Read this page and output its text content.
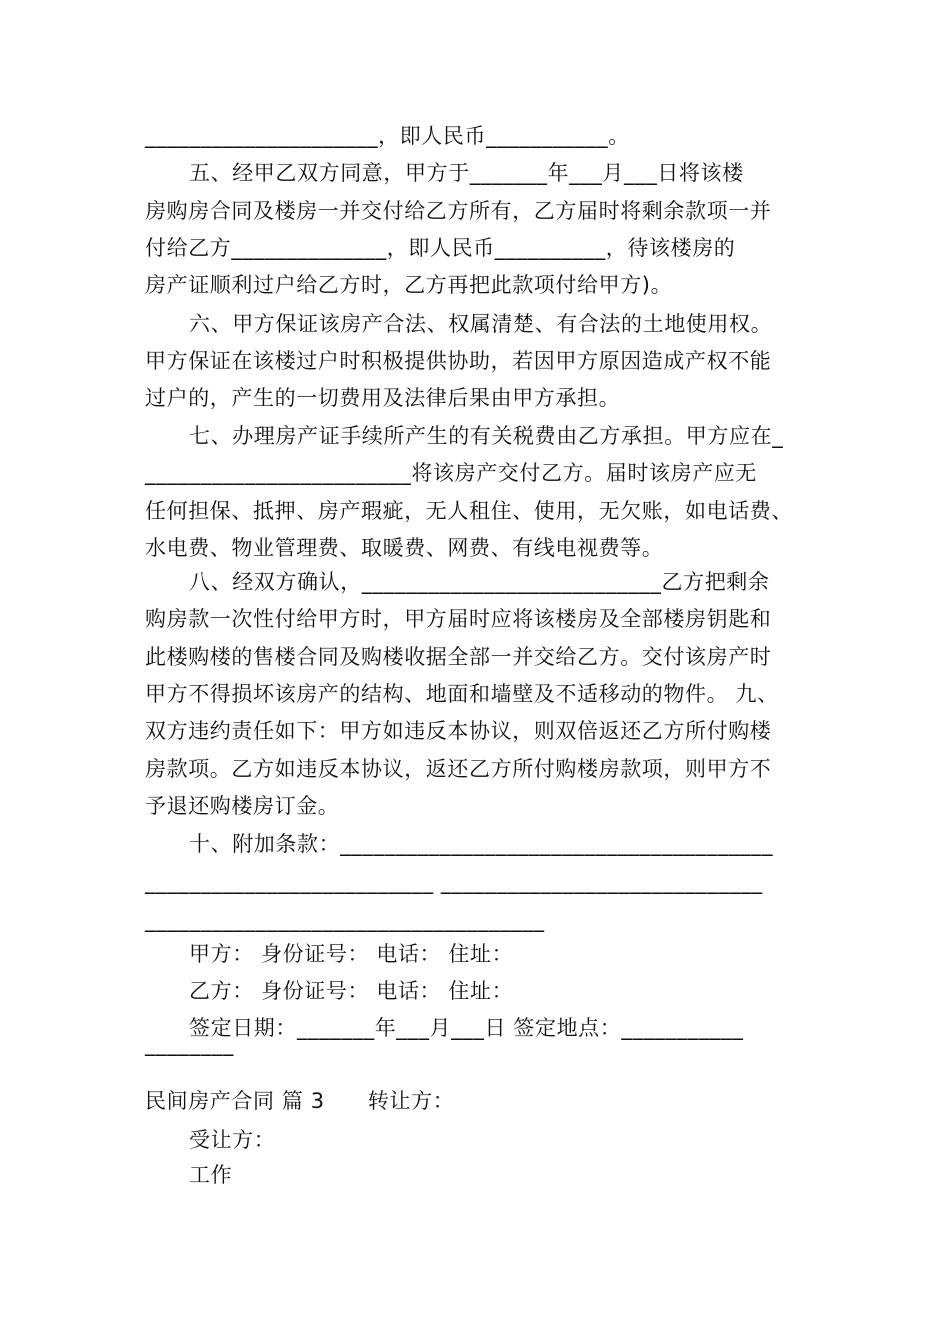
_____________________，即人民币___________。
五、经甲乙双方同意，甲方于_______年___月___日将该楼
房购房合同及楼房一并交付给乙方所有，乙方届时将剩余款项一并
付给乙方______________，即人民币__________，待该楼房的
房产证顺利过户给乙方时，乙方再把此款项付给甲方)。
六、甲方保证该房产合法、权属清楚、有合法的土地使用权。
甲方保证在该楼过户时积极提供协助，若因甲方原因造成产权不能
过户的，产生的一切费用及法律后果由甲方承担。
七、办理房产证手续所产生的有关税费由乙方承担。甲方应在_
________________________将该房产交付乙方。届时该房产应无
任何担保、抵押、房产瑕疵，无人租住、使用，无欠账，如电话费、
水电费、物业管理费、取暖费、网费、有线电视费等。
八、经双方确认，___________________________乙方把剩余
购房款一次性付给甲方时，甲方届时应将该楼房及全部楼房钥匙和
此楼购楼的售楼合同及购楼收据全部一并交给乙方。交付该房产时
甲方不得损坏该房产的结构、地面和墙壁及不适移动的物件。 九、
双方违约责任如下：甲方如违反本协议，则双倍返还乙方所付购楼
房款项。乙方如违反本协议，返还乙方所付购楼房款项，则甲方不
予退还购楼房订金。
十、附加条款：_______________________________________
__________________________ _____________________________
____________________________________
甲方： 身份证号： 电话： 住址：
乙方： 身份证号： 电话： 住址：
签定日期：_______年___月___日 签定地点：___________
________
民间房产合同 篇 3　　转让方：
受让方：
工作
